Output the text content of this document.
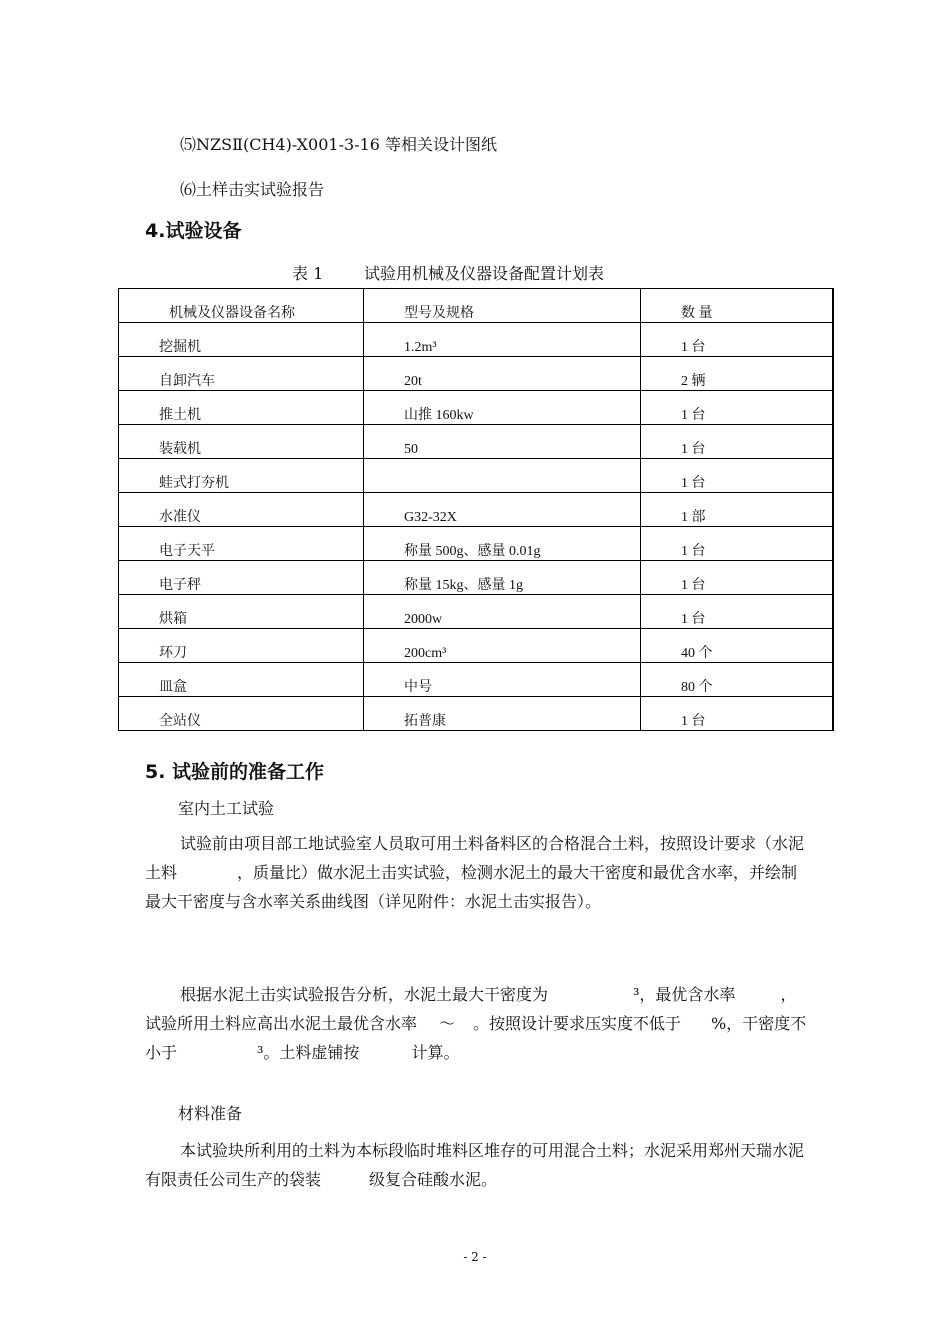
⑸NZSⅡ(CH4)-X001-3-16 等相关设计图纸
⑹土样击实试验报告
4.试验设备
表 1        试验用机械及仪器设备配置计划表
机械及仪器设备名称	型号及规格	数 量
挖掘机	1.2m³	1 台
自卸汽车	20t	2 辆
推土机	山推 160kw	1 台
装载机	50	1 台
蛙式打夯机		1 台
水准仪	G32-32X	1 部
电子天平	称量 500g、感量 0.01g	1 台
电子秤	称量 15kg、感量 1g	1 台
烘箱	2000w	1 台
环刀	200cm³	40 个
皿盒	中号	80 个
全站仪	拓普康	1 台
5. 试验前的准备工作
室内土工试验

试验前由项目部工地试验室人员取可用土料备料区的合格混合土料，按照设计要求（水泥 土料	，质量比）做水泥土击实试验，检测水泥土的最大干密度和最优含水率，并绘制最大干密度与含水率关系曲线图（详见附件：水泥土击实报告）。

根据水泥土击实试验报告分析，水泥土最大干密度为	³，最优含水率	，试验所用土料应高出水泥土最优含水率 ～ 。按照设计要求压实度不低于 %，干密度不小于	³。土料虚铺按	计算。

材料准备

本试验块所利用的土料为本标段临时堆料区堆存的可用混合土料；水泥采用郑州天瑞水泥有限责任公司生产的袋装	级复合硅酸水泥。

- 2 -
